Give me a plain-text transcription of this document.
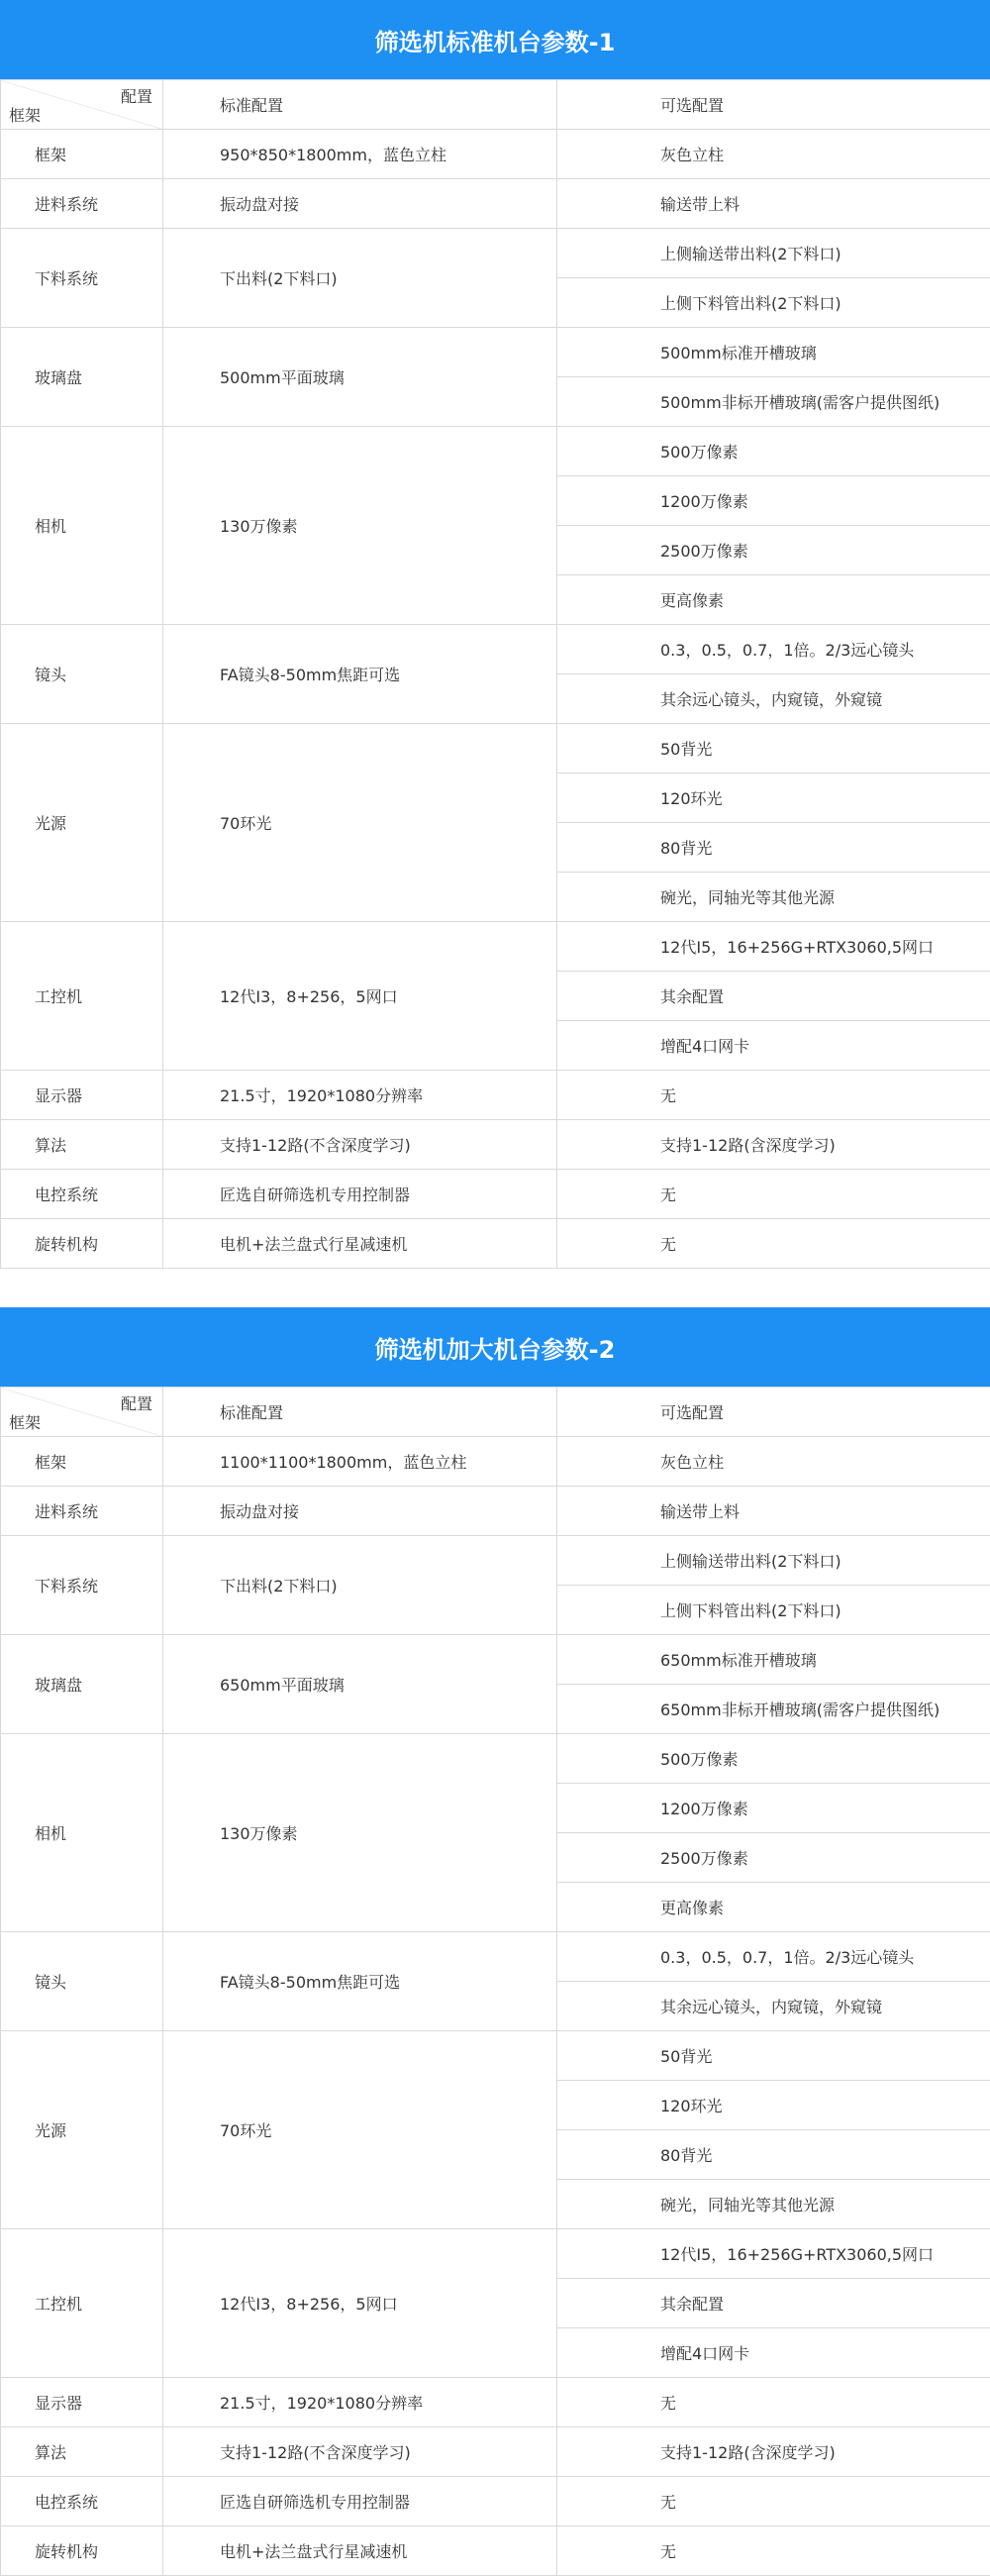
筛选机标准机台参数-1
配置
框架	标准配置	可选配置
框架	950*850*1800mm，蓝色立柱	灰色立柱
进料系统	振动盘对接	输送带上料
下料系统	下出料(2下料口)	上侧输送带出料(2下料口)
		上侧下料管出料(2下料口)
玻璃盘	500mm平面玻璃	500mm标准开槽玻璃
		500mm非标开槽玻璃(需客户提供图纸)
相机	130万像素	500万像素
		1200万像素
		2500万像素
		更高像素
镜头	FA镜头8-50mm焦距可选	0.3，0.5，0.7，1倍。2/3远心镜头
		其余远心镜头，内窥镜，外窥镜
光源	70环光	50背光
		120环光
		80背光
		碗光，同轴光等其他光源
工控机	12代I3，8+256，5网口	12代I5，16+256G+RTX3060,5网口
		其余配置
		增配4口网卡
显示器	21.5寸，1920*1080分辨率	无
算法	支持1-12路(不含深度学习)	支持1-12路(含深度学习)
电控系统	匠选自研筛选机专用控制器	无
旋转机构	电机+法兰盘式行星减速机	无
筛选机加大机台参数-2
配置
框架	标准配置	可选配置
框架	1100*1100*1800mm，蓝色立柱	灰色立柱
进料系统	振动盘对接	输送带上料
下料系统	下出料(2下料口)	上侧输送带出料(2下料口)
		上侧下料管出料(2下料口)
玻璃盘	650mm平面玻璃	650mm标准开槽玻璃
		650mm非标开槽玻璃(需客户提供图纸)
相机	130万像素	500万像素
		1200万像素
		2500万像素
		更高像素
镜头	FA镜头8-50mm焦距可选	0.3，0.5，0.7，1倍。2/3远心镜头
		其余远心镜头，内窥镜，外窥镜
光源	70环光	50背光
		120环光
		80背光
		碗光，同轴光等其他光源
工控机	12代I3，8+256，5网口	12代I5，16+256G+RTX3060,5网口
		其余配置
		增配4口网卡
显示器	21.5寸，1920*1080分辨率	无
算法	支持1-12路(不含深度学习)	支持1-12路(含深度学习)
电控系统	匠选自研筛选机专用控制器	无
旋转机构	电机+法兰盘式行星减速机	无
